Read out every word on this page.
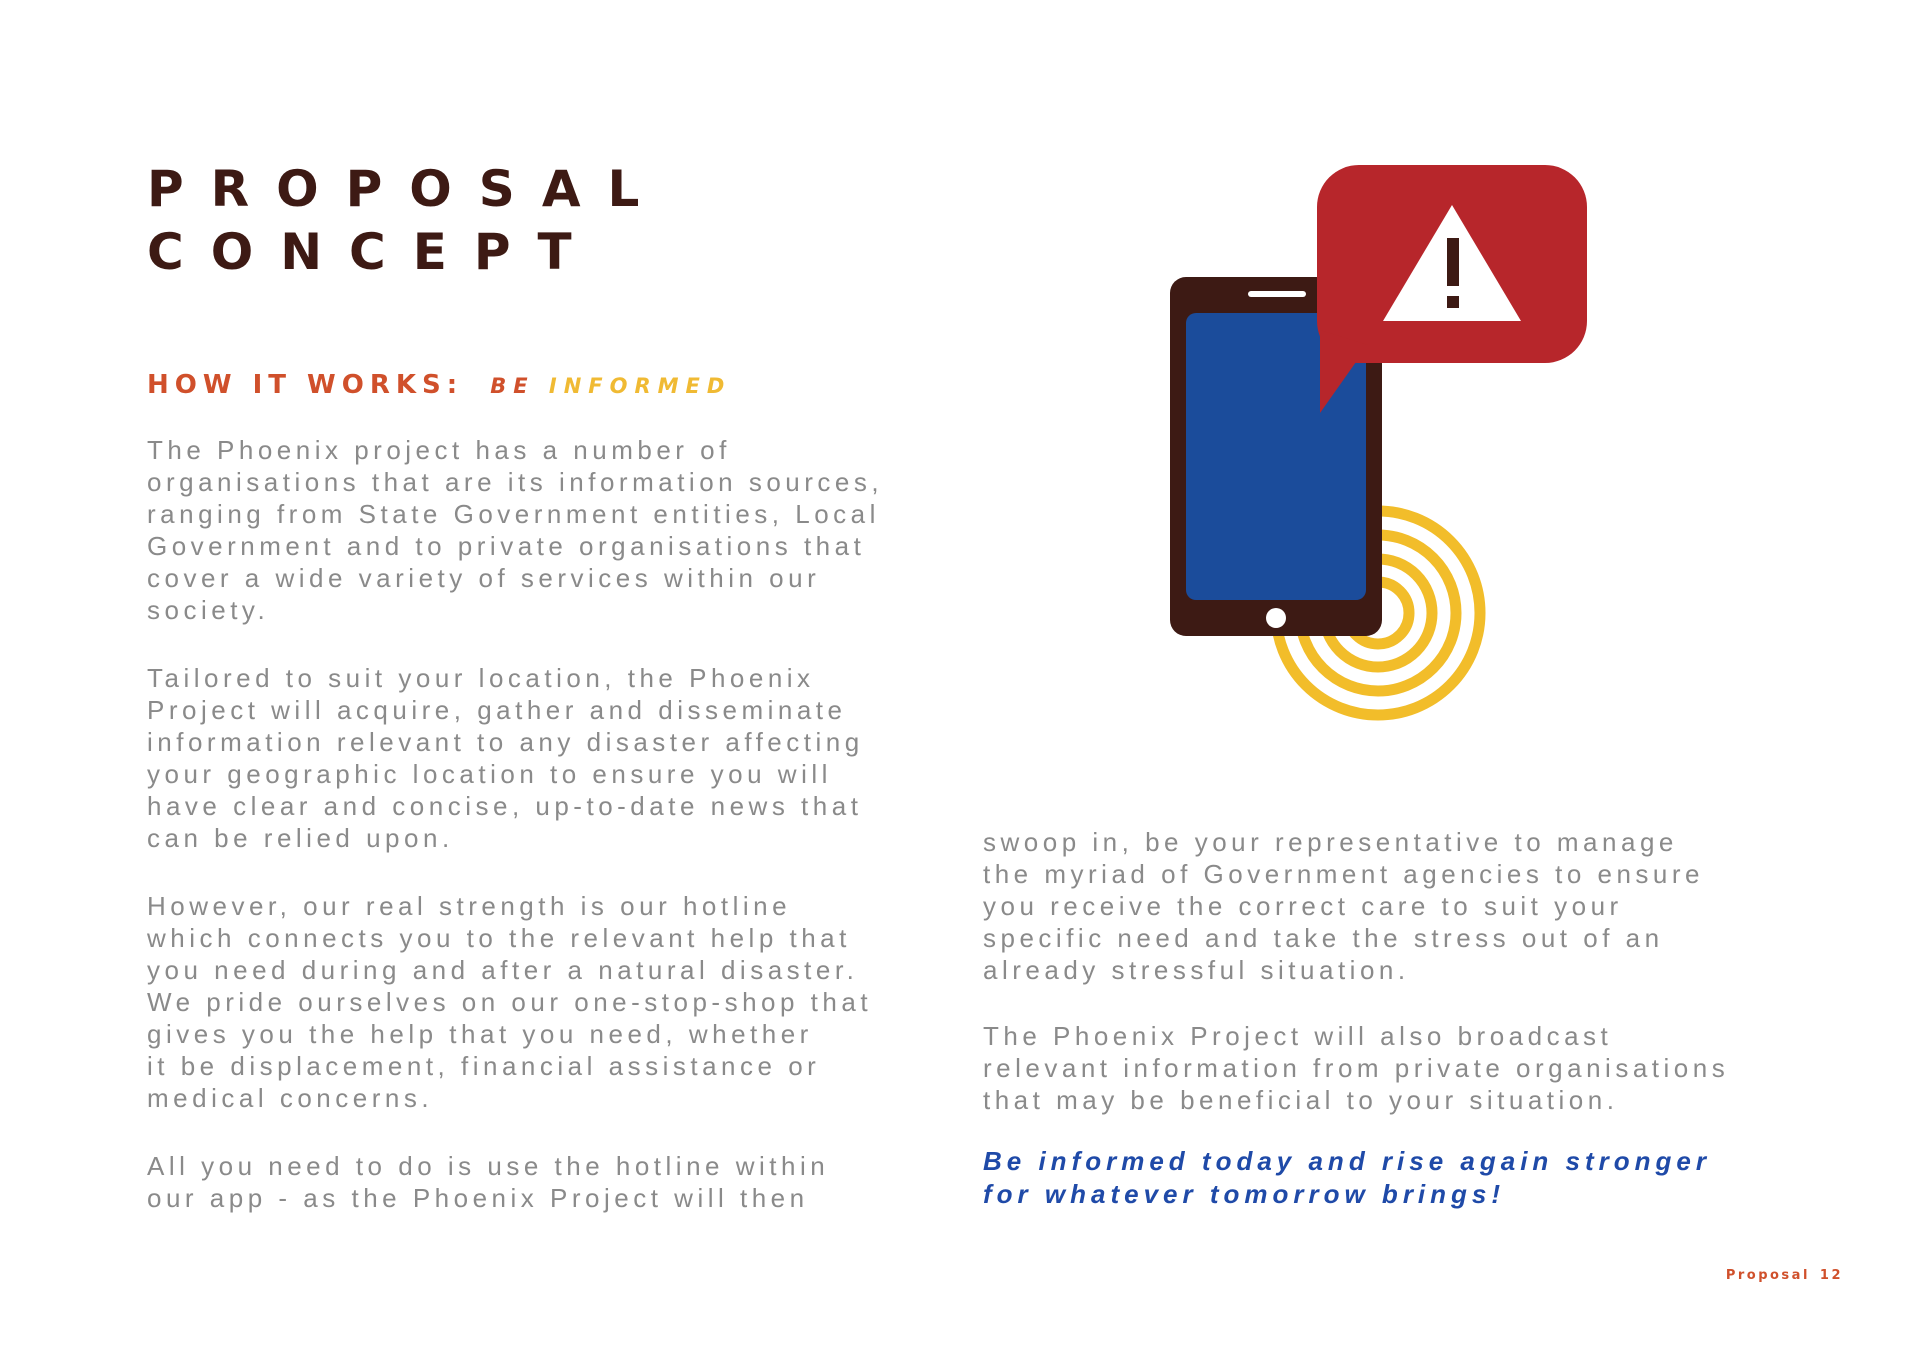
PROPOSAL
CONCEPT
HOW IT WORKS: BE INFORMED

The Phoenix project has a number of
organisations that are its information sources,
ranging from State Government entities, Local
Government and to private organisations that
cover a wide variety of services within our
society.

Tailored to suit your location, the Phoenix
Project will acquire, gather and disseminate
information relevant to any disaster affecting
your geographic location to ensure you will
have clear and concise, up-to-date news that
can be relied upon.

However, our real strength is our hotline
which connects you to the relevant help that
you need during and after a natural disaster.
We pride ourselves on our one-stop-shop that
gives you the help that you need, whether
it be displacement, financial assistance or
medical concerns.

All you need to do is use the hotline within
our app - as the Phoenix Project will then

swoop in, be your representative to manage
the myriad of Government agencies to ensure
you receive the correct care to suit your
specific need and take the stress out of an
already stressful situation.

The Phoenix Project will also broadcast
relevant information from private organisations
that may be beneficial to your situation.

Be informed today and rise again stronger
for whatever tomorrow brings!

Proposal 12
